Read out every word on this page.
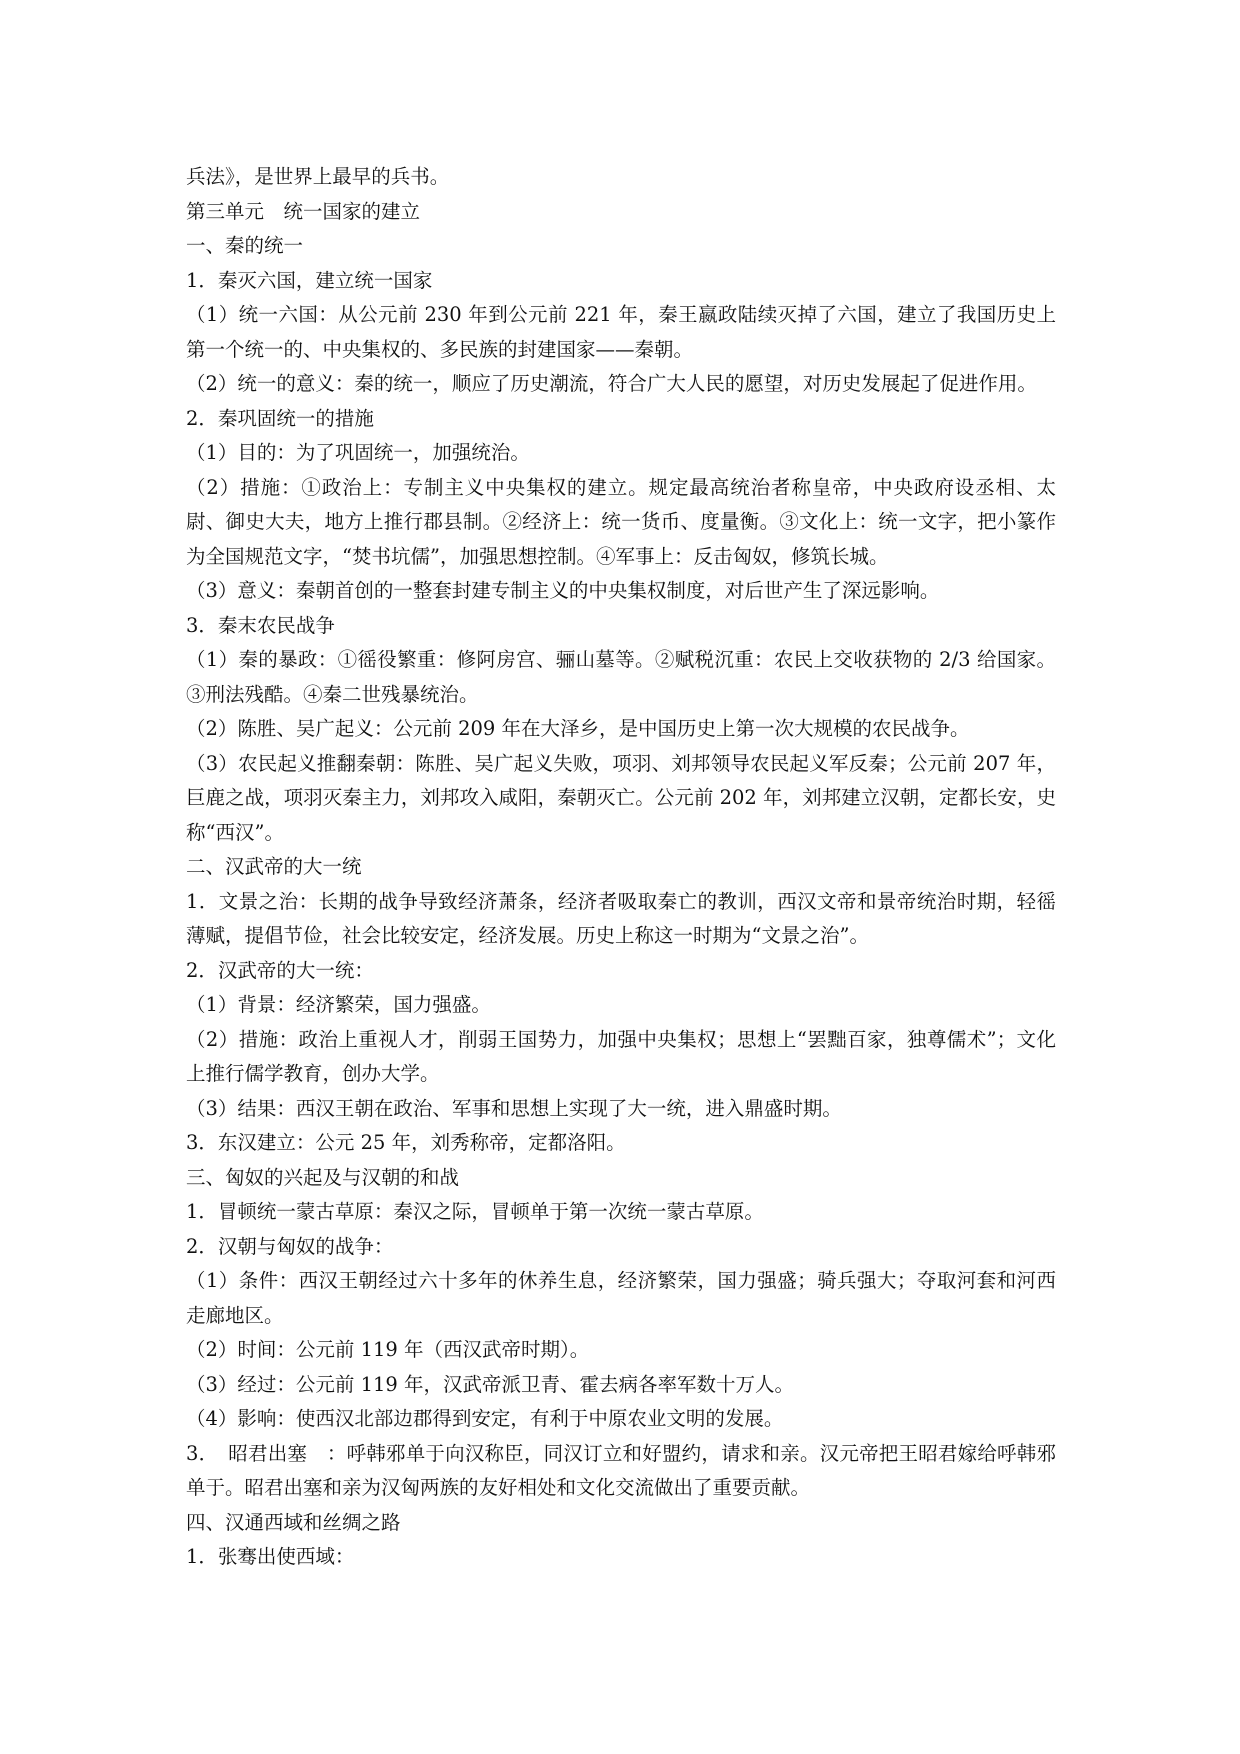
兵法》，是世界上最早的兵书。

第三单元　统一国家的建立

一、秦的统一

1．秦灭六国，建立统一国家

（1）统一六国：从公元前 230 年到公元前 221 年，秦王嬴政陆续灭掉了六国，建立了我国历史上第一个统一的、中央集权的、多民族的封建国家——秦朝。

（2）统一的意义：秦的统一，顺应了历史潮流，符合广大人民的愿望，对历史发展起了促进作用。

2．秦巩固统一的措施

（1）目的：为了巩固统一，加强统治。

（2）措施：①政治上：专制主义中央集权的建立。规定最高统治者称皇帝，中央政府设丞相、太尉、御史大夫，地方上推行郡县制。②经济上：统一货币、度量衡。③文化上：统一文字，把小篆作为全国规范文字，“焚书坑儒”，加强思想控制。④军事上：反击匈奴，修筑长城。

（3）意义：秦朝首创的一整套封建专制主义的中央集权制度，对后世产生了深远影响。

3．秦末农民战争

（1）秦的暴政：①徭役繁重：修阿房宫、骊山墓等。②赋税沉重：农民上交收获物的 2/3 给国家。③刑法残酷。④秦二世残暴统治。

（2）陈胜、吴广起义：公元前 209 年在大泽乡，是中国历史上第一次大规模的农民战争。

（3）农民起义推翻秦朝：陈胜、吴广起义失败，项羽、刘邦领导农民起义军反秦；公元前 207 年，巨鹿之战，项羽灭秦主力，刘邦攻入咸阳，秦朝灭亡。公元前 202 年，刘邦建立汉朝，定都长安，史称“西汉”。

二、汉武帝的大一统

1．文景之治：长期的战争导致经济萧条，经济者吸取秦亡的教训，西汉文帝和景帝统治时期，轻徭薄赋，提倡节俭，社会比较安定，经济发展。历史上称这一时期为“文景之治”。

2．汉武帝的大一统：

（1）背景：经济繁荣，国力强盛。

（2）措施：政治上重视人才，削弱王国势力，加强中央集权；思想上“罢黜百家，独尊儒术”；文化上推行儒学教育，创办大学。

（3）结果：西汉王朝在政治、军事和思想上实现了大一统，进入鼎盛时期。

3．东汉建立：公元 25 年，刘秀称帝，定都洛阳。

三、匈奴的兴起及与汉朝的和战

1．冒顿统一蒙古草原：秦汉之际，冒顿单于第一次统一蒙古草原。

2．汉朝与匈奴的战争：

（1）条件：西汉王朝经过六十多年的休养生息，经济繁荣，国力强盛；骑兵强大；夺取河套和河西走廊地区。

（2）时间：公元前 119 年（西汉武帝时期）。

（3）经过：公元前 119 年，汉武帝派卫青、霍去病各率军数十万人。

（4）影响：使西汉北部边郡得到安定，有利于中原农业文明的发展。

3．　昭君出塞　：呼韩邪单于向汉称臣，同汉订立和好盟约，请求和亲。汉元帝把王昭君嫁给呼韩邪单于。昭君出塞和亲为汉匈两族的友好相处和文化交流做出了重要贡献。

四、汉通西域和丝绸之路

1．张骞出使西域：
